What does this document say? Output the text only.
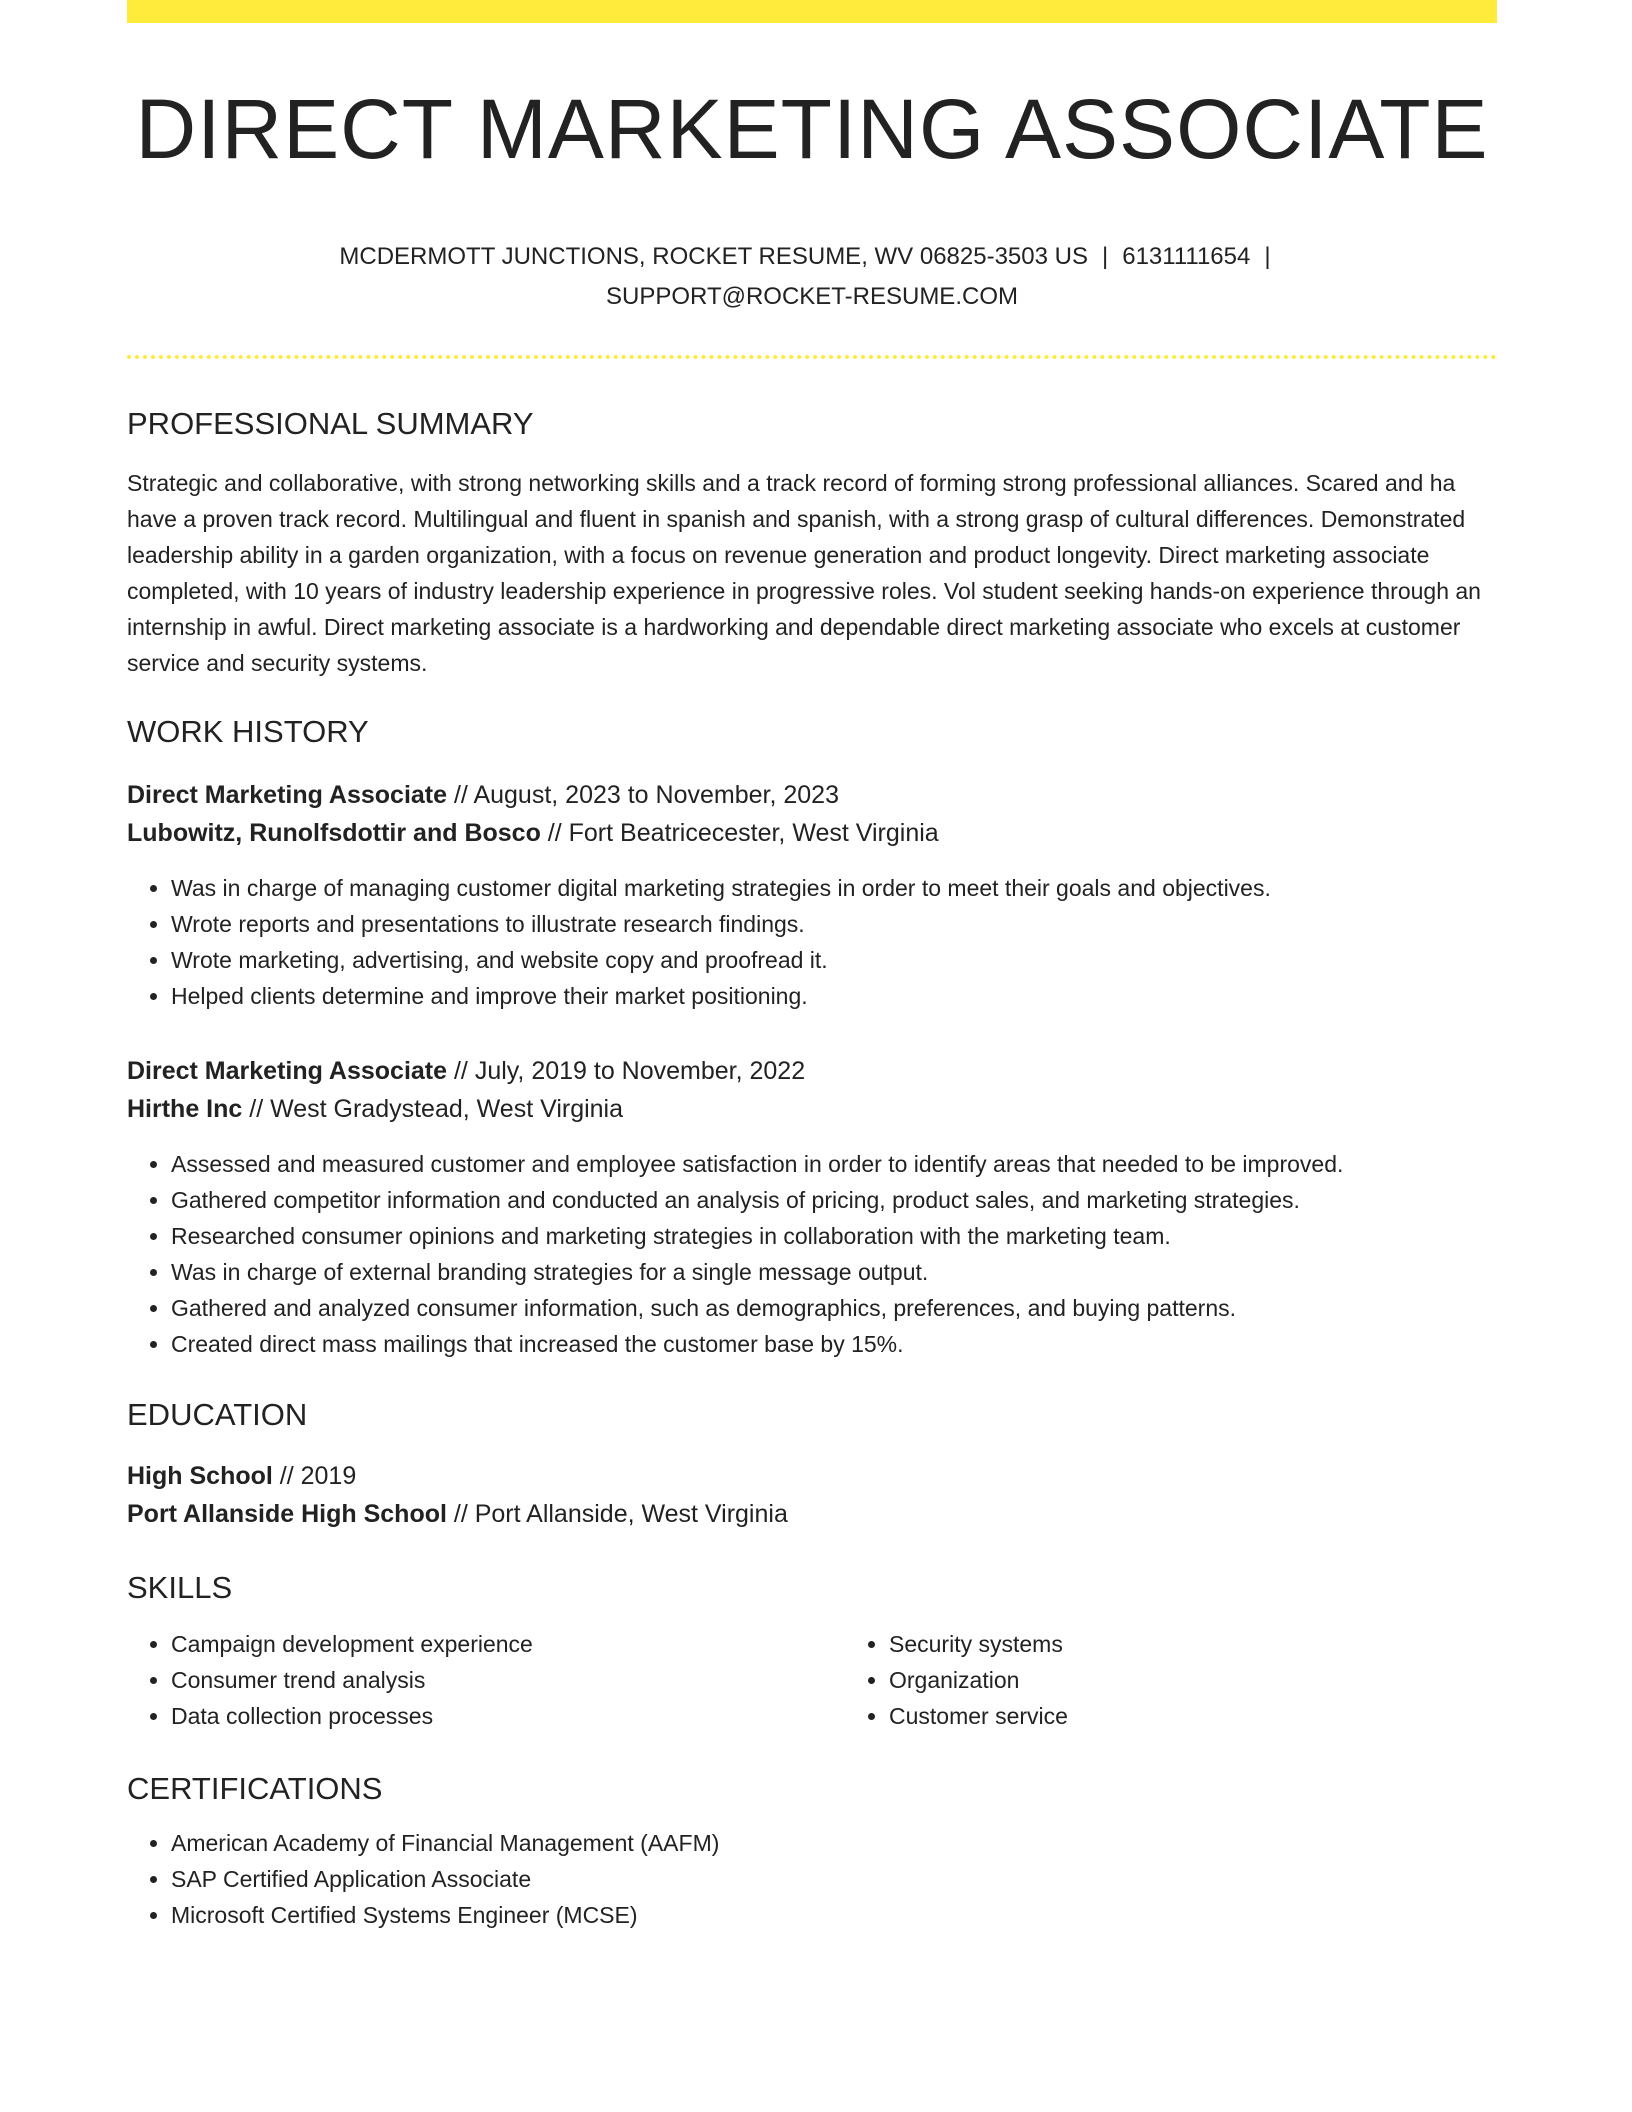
DIRECT MARKETING ASSOCIATE
MCDERMOTT JUNCTIONS, ROCKET RESUME, WV 06825-3503 US | 6131111654 |
SUPPORT@ROCKET-RESUME.COM
PROFESSIONAL SUMMARY
Strategic and collaborative, with strong networking skills and a track record of forming strong professional alliances. Scared and ha have a proven track record. Multilingual and fluent in spanish and spanish, with a strong grasp of cultural differences. Demonstrated leadership ability in a garden organization, with a focus on revenue generation and product longevity. Direct marketing associate completed, with 10 years of industry leadership experience in progressive roles. Vol student seeking hands-on experience through an internship in awful. Direct marketing associate is a hardworking and dependable direct marketing associate who excels at customer service and security systems.
WORK HISTORY
Direct Marketing Associate // August, 2023 to November, 2023
Lubowitz, Runolfsdottir and Bosco // Fort Beatricecester, West Virginia
• Was in charge of managing customer digital marketing strategies in order to meet their goals and objectives.
• Wrote reports and presentations to illustrate research findings.
• Wrote marketing, advertising, and website copy and proofread it.
• Helped clients determine and improve their market positioning.
Direct Marketing Associate // July, 2019 to November, 2022
Hirthe Inc // West Gradystead, West Virginia
• Assessed and measured customer and employee satisfaction in order to identify areas that needed to be improved.
• Gathered competitor information and conducted an analysis of pricing, product sales, and marketing strategies.
• Researched consumer opinions and marketing strategies in collaboration with the marketing team.
• Was in charge of external branding strategies for a single message output.
• Gathered and analyzed consumer information, such as demographics, preferences, and buying patterns.
• Created direct mass mailings that increased the customer base by 15%.
EDUCATION
High School // 2019
Port Allanside High School // Port Allanside, West Virginia
SKILLS
• Campaign development experience
• Consumer trend analysis
• Data collection processes
• Security systems
• Organization
• Customer service
CERTIFICATIONS
• American Academy of Financial Management (AAFM)
• SAP Certified Application Associate
• Microsoft Certified Systems Engineer (MCSE)
